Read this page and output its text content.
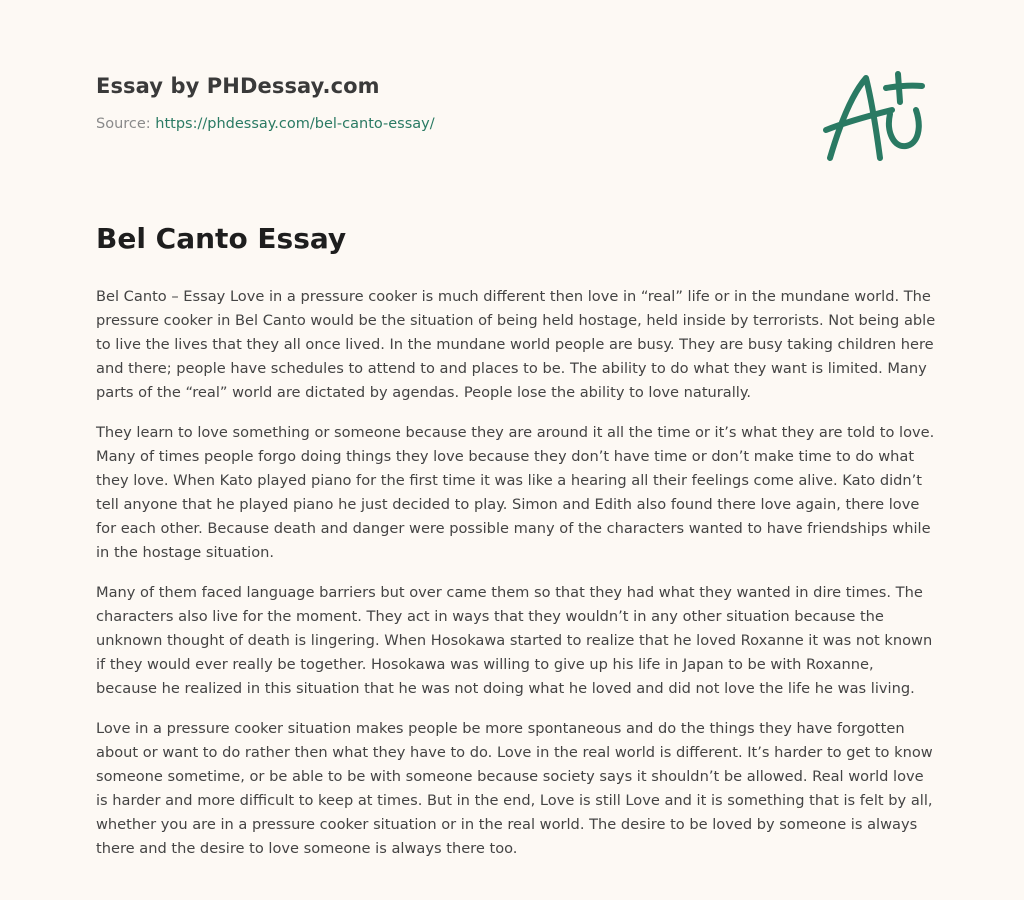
Essay by PHDessay.com
Source: https://phdessay.com/bel-canto-essay/
Bel Canto Essay

Bel Canto – Essay Love in a pressure cooker is much different then love in “real” life or in the mundane world. The pressure cooker in Bel Canto would be the situation of being held hostage, held inside by terrorists. Not being able to live the lives that they all once lived. In the mundane world people are busy. They are busy taking children here and there; people have schedules to attend to and places to be. The ability to do what they want is limited. Many parts of the “real” world are dictated by agendas. People lose the ability to love naturally.

They learn to love something or someone because they are around it all the time or it’s what they are told to love. Many of times people forgo doing things they love because they don’t have time or don’t make time to do what they love. When Kato played piano for the first time it was like a hearing all their feelings come alive. Kato didn’t tell anyone that he played piano he just decided to play. Simon and Edith also found there love again, there love for each other. Because death and danger were possible many of the characters wanted to have friendships while in the hostage situation.

Many of them faced language barriers but over came them so that they had what they wanted in dire times. The characters also live for the moment. They act in ways that they wouldn’t in any other situation because the unknown thought of death is lingering. When Hosokawa started to realize that he loved Roxanne it was not known if they would ever really be together. Hosokawa was willing to give up his life in Japan to be with Roxanne, because he realized in this situation that he was not doing what he loved and did not love the life he was living.

Love in a pressure cooker situation makes people be more spontaneous and do the things they have forgotten about or want to do rather then what they have to do. Love in the real world is different. It’s harder to get to know someone sometime, or be able to be with someone because society says it shouldn’t be allowed. Real world love is harder and more difficult to keep at times. But in the end, Love is still Love and it is something that is felt by all, whether you are in a pressure cooker situation or in the real world. The desire to be loved by someone is always there and the desire to love someone is always there too.
